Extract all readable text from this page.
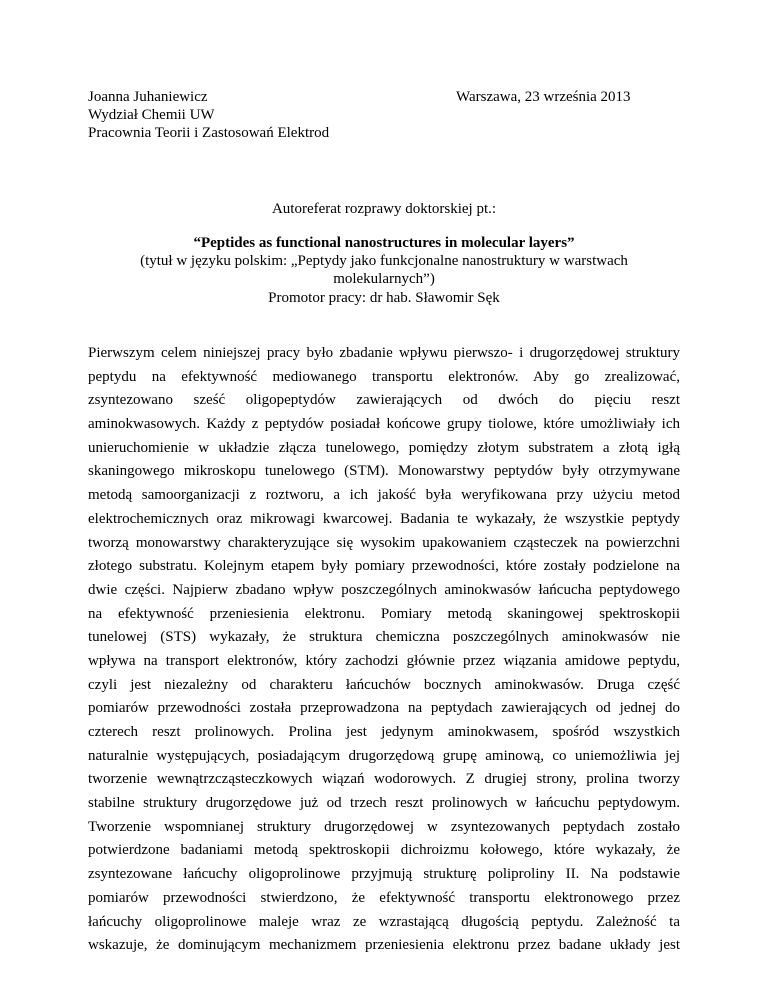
Joanna Juhaniewicz
Wydział Chemii UW
Pracownia Teorii i Zastosowań Elektrod
Warszawa, 23 września 2013
Autoreferat rozprawy doktorskiej pt.:
“Peptides as functional nanostructures in molecular layers”
(tytuł w języku polskim: „Peptydy jako funkcjonalne nanostruktury w warstwach
molekularnych”)
Promotor pracy: dr hab. Sławomir Sęk
Pierwszym celem niniejszej pracy było zbadanie wpływu pierwszo- i drugorzędowej struktury
peptydu na efektywność mediowanego transportu elektronów. Aby go zrealizować,
zsyntezowano sześć oligopeptydów zawierających od dwóch do pięciu reszt
aminokwasowych. Każdy z peptydów posiadał końcowe grupy tiolowe, które umożliwiały ich
unieruchomienie w układzie złącza tunelowego, pomiędzy złotym substratem a złotą igłą
skaningowego mikroskopu tunelowego (STM). Monowarstwy peptydów były otrzymywane
metodą samoorganizacji z roztworu, a ich jakość była weryfikowana przy użyciu metod
elektrochemicznych oraz mikrowagi kwarcowej. Badania te wykazały, że wszystkie peptydy
tworzą monowarstwy charakteryzujące się wysokim upakowaniem cząsteczek na powierzchni
złotego substratu. Kolejnym etapem były pomiary przewodności, które zostały podzielone na
dwie części. Najpierw zbadano wpływ poszczególnych aminokwasów łańcucha peptydowego
na efektywność przeniesienia elektronu. Pomiary metodą skaningowej spektroskopii
tunelowej (STS) wykazały, że struktura chemiczna poszczególnych aminokwasów nie
wpływa na transport elektronów, który zachodzi głównie przez wiązania amidowe peptydu,
czyli jest niezależny od charakteru łańcuchów bocznych aminokwasów. Druga część
pomiarów przewodności została przeprowadzona na peptydach zawierających od jednej do
czterech reszt prolinowych. Prolina jest jedynym aminokwasem, spośród wszystkich
naturalnie występujących, posiadającym drugorzędową grupę aminową, co uniemożliwia jej
tworzenie wewnątrzcząsteczkowych wiązań wodorowych. Z drugiej strony, prolina tworzy
stabilne struktury drugorzędowe już od trzech reszt prolinowych w łańcuchu peptydowym.
Tworzenie wspomnianej struktury drugorzędowej w zsyntezowanych peptydach zostało
potwierdzone badaniami metodą spektroskopii dichroizmu kołowego, które wykazały, że
zsyntezowane łańcuchy oligoprolinowe przyjmują strukturę poliproliny II. Na podstawie
pomiarów przewodności stwierdzono, że efektywność transportu elektronowego przez
łańcuchy oligoprolinowe maleje wraz ze wzrastającą długością peptydu. Zależność ta
wskazuje, że dominującym mechanizmem przeniesienia elektronu przez badane układy jest
